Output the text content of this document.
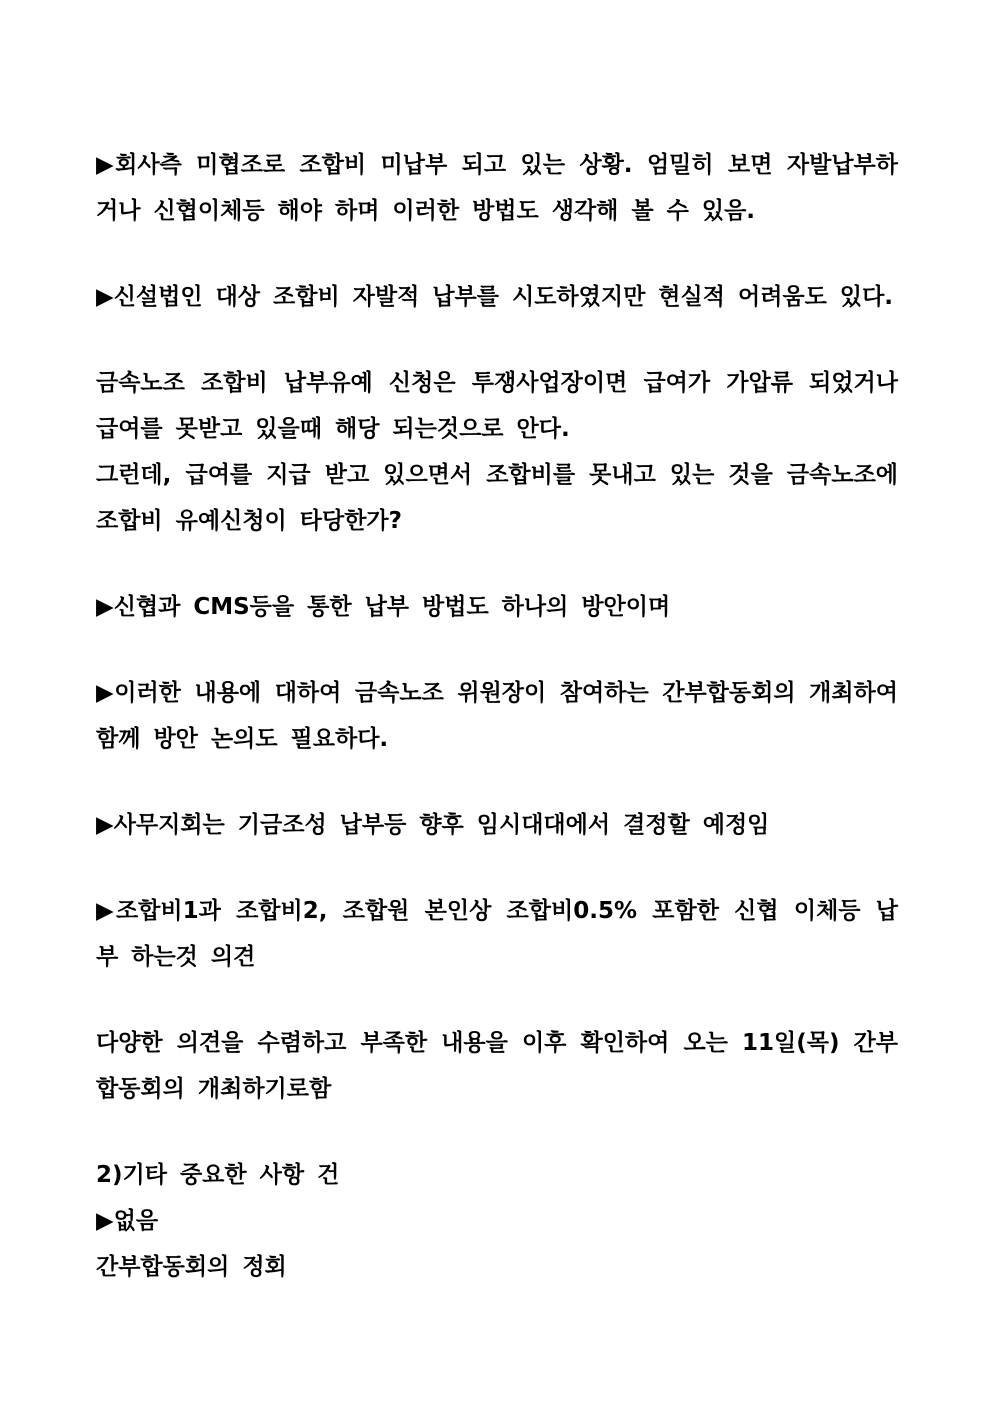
▶회사측 미협조로 조합비 미납부 되고 있는 상황. 엄밀히 보면 자발납부하거나 신협이체등 해야 하며 이러한 방법도 생각해 볼 수 있음.

▶신설법인 대상 조합비 자발적 납부를 시도하였지만 현실적 어려움도 있다.

금속노조 조합비 납부유예 신청은 투쟁사업장이면 급여가 가압류 되었거나 급여를 못받고 있을때 해당 되는것으로 안다.

그런데, 급여를 지급 받고 있으면서 조합비를 못내고 있는 것을 금속노조에 조합비 유예신청이 타당한가?

▶신협과 CMS등을 통한 납부 방법도 하나의 방안이며

▶이러한 내용에 대하여 금속노조 위원장이 참여하는 간부합동회의 개최하여 함께 방안 논의도 필요하다.

▶사무지회는 기금조성 납부등 향후 임시대대에서 결정할 예정임

▶조합비1과 조합비2, 조합원 본인상 조합비0.5% 포함한 신협 이체등 납부 하는것 의견

다양한 의견을 수렴하고 부족한 내용을 이후 확인하여 오는 11일(목) 간부합동회의 개최하기로함

2)기타 중요한 사항 건

▶없음

간부합동회의 정회
